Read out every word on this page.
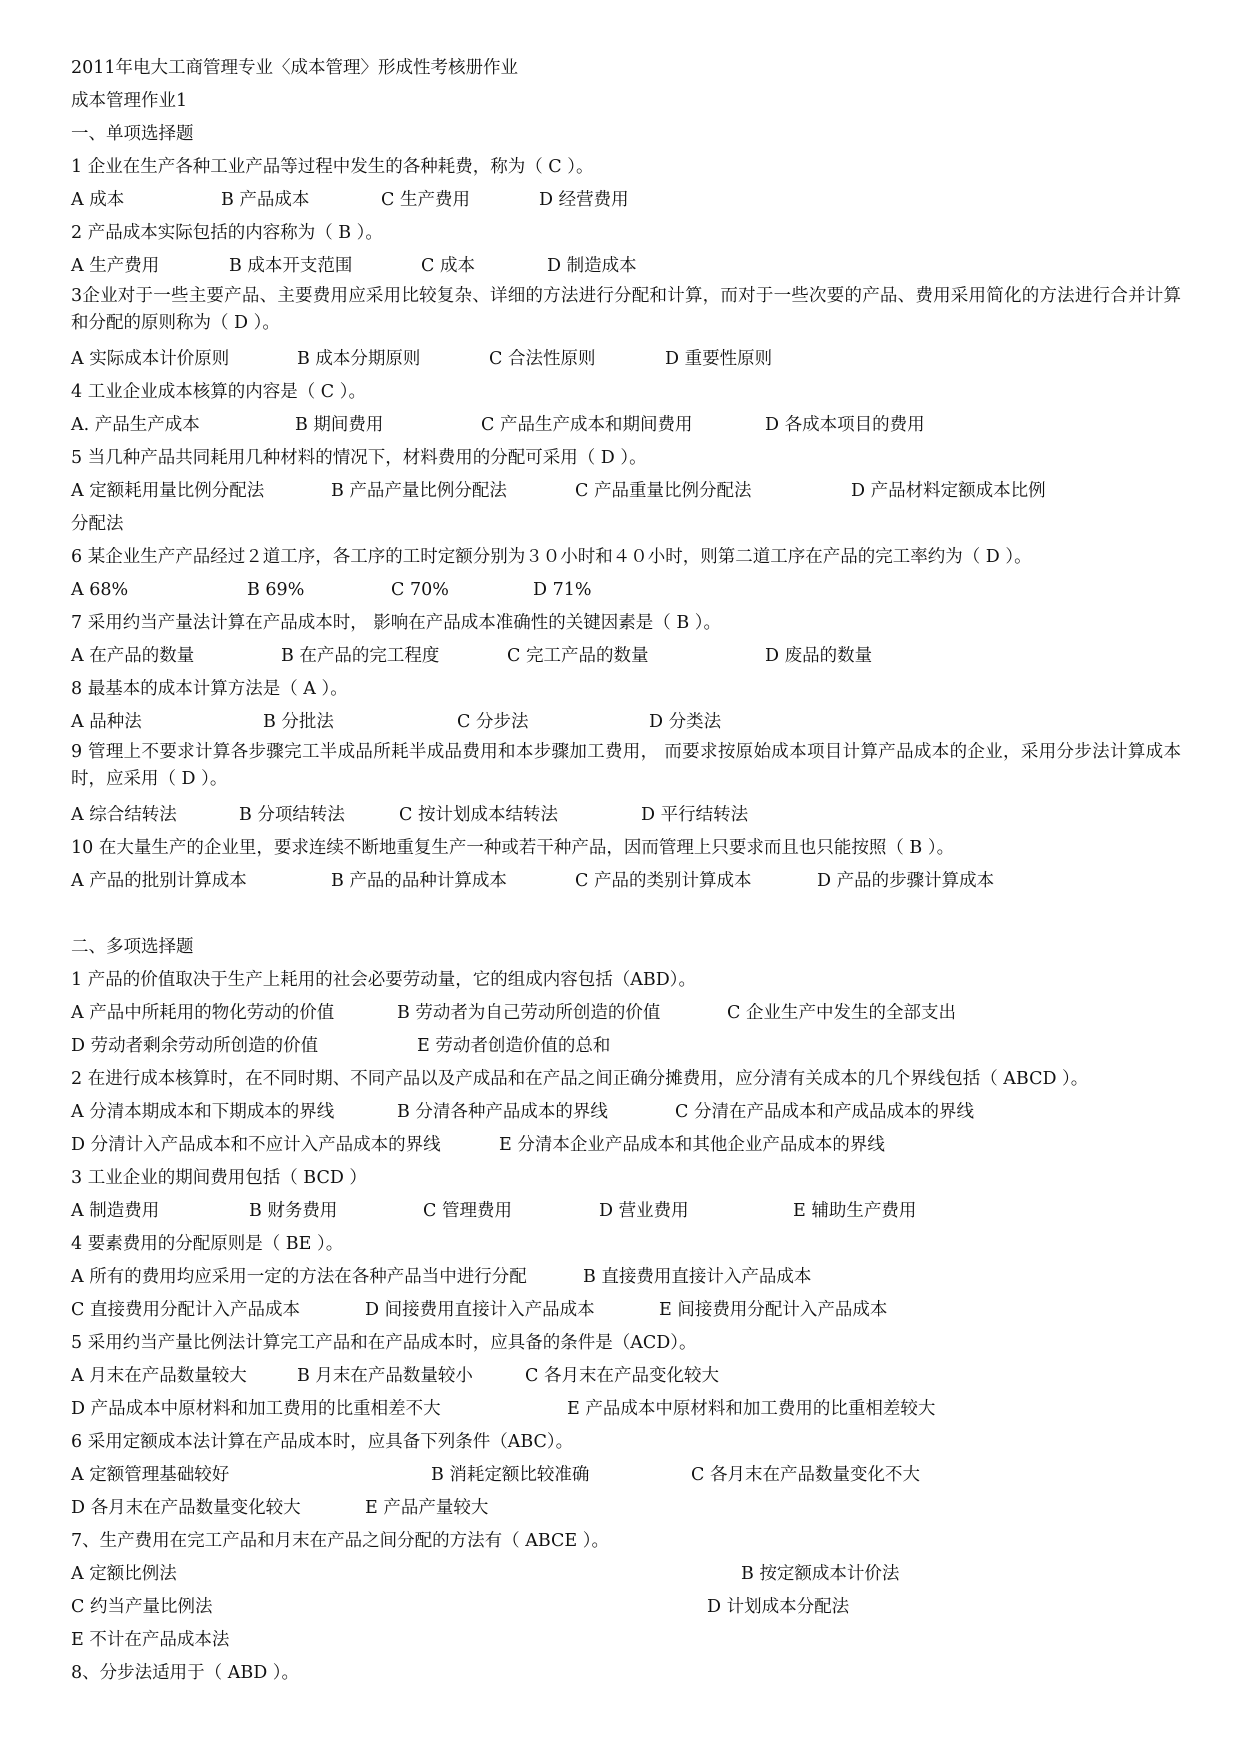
2011年电大工商管理专业〈成本管理〉形成性考核册作业
成本管理作业1
一、单项选择题
1 企业在生产各种工业产品等过程中发生的各种耗费，称为（ C ）。
A 成本	B 产品成本	C 生产费用	D 经营费用
2 产品成本实际包括的内容称为（ B ）。
A 生产费用	B 成本开支范围	C 成本	D 制造成本
3企业对于一些主要产品、主要费用应采用比较复杂、详细的方法进行分配和计算，而对于一些次要的产品、费用采用简化的方法进行合并计算和分配的原则称为（ D ）。
A 实际成本计价原则	B 成本分期原则	C 合法性原则	D 重要性原则
4 工业企业成本核算的内容是（ C ）。
A. 产品生产成本	B 期间费用	C 产品生产成本和期间费用	D 各成本项目的费用
5 当几种产品共同耗用几种材料的情况下，材料费用的分配可采用（ D ）。
A 定额耗用量比例分配法	B 产品产量比例分配法	C 产品重量比例分配法	D 产品材料定额成本比例
分配法
6 某企业生产产品经过２道工序，各工序的工时定额分别为３０小时和４０小时，则第二道工序在产品的完工率约为（ D ）。
A 68%	B 69%	C 70%	D 71%
7 采用约当产量法计算在产品成本时， 影响在产品成本准确性的关键因素是（ B ）。
A 在产品的数量	B 在产品的完工程度	C 完工产品的数量	D 废品的数量
8 最基本的成本计算方法是（ A ）。
A 品种法	B 分批法	C 分步法	D 分类法
9 管理上不要求计算各步骤完工半成品所耗半成品费用和本步骤加工费用， 而要求按原始成本项目计算产品成本的企业，采用分步法计算成本时，应采用（ D ）。
A 综合结转法	B 分项结转法	C 按计划成本结转法	D 平行结转法
10 在大量生产的企业里，要求连续不断地重复生产一种或若干种产品，因而管理上只要求而且也只能按照（ B ）。
A 产品的批别计算成本	B 产品的品种计算成本	C 产品的类别计算成本	D 产品的步骤计算成本
二、多项选择题
1 产品的价值取决于生产上耗用的社会必要劳动量，它的组成内容包括（ABD）。
A 产品中所耗用的物化劳动的价值	B 劳动者为自己劳动所创造的价值	C 企业生产中发生的全部支出
D 劳动者剩余劳动所创造的价值	E 劳动者创造价值的总和
2 在进行成本核算时，在不同时期、不同产品以及产成品和在产品之间正确分摊费用，应分清有关成本的几个界线包括（ ABCD ）。
A 分清本期成本和下期成本的界线	B 分清各种产品成本的界线	C 分清在产品成本和产成品成本的界线
D 分清计入产品成本和不应计入产品成本的界线	E 分清本企业产品成本和其他企业产品成本的界线
3 工业企业的期间费用包括（ BCD ）
A 制造费用	B 财务费用	C 管理费用	D 营业费用	E 辅助生产费用
4 要素费用的分配原则是（ BE ）。
A 所有的费用均应采用一定的方法在各种产品当中进行分配	B 直接费用直接计入产品成本
C 直接费用分配计入产品成本	D 间接费用直接计入产品成本	E 间接费用分配计入产品成本
5 采用约当产量比例法计算完工产品和在产品成本时，应具备的条件是（ACD）。
A 月末在产品数量较大	B 月末在产品数量较小	C 各月末在产品变化较大
D 产品成本中原材料和加工费用的比重相差不大	E 产品成本中原材料和加工费用的比重相差较大
6 采用定额成本法计算在产品成本时，应具备下列条件（ABC）。
A 定额管理基础较好	B 消耗定额比较准确	C 各月末在产品数量变化不大
D 各月末在产品数量变化较大	E 产品产量较大
7、生产费用在完工产品和月末在产品之间分配的方法有（ ABCE ）。
A 定额比例法	B 按定额成本计价法
C 约当产量比例法	D 计划成本分配法
E 不计在产品成本法
8、分步法适用于（ ABD ）。
